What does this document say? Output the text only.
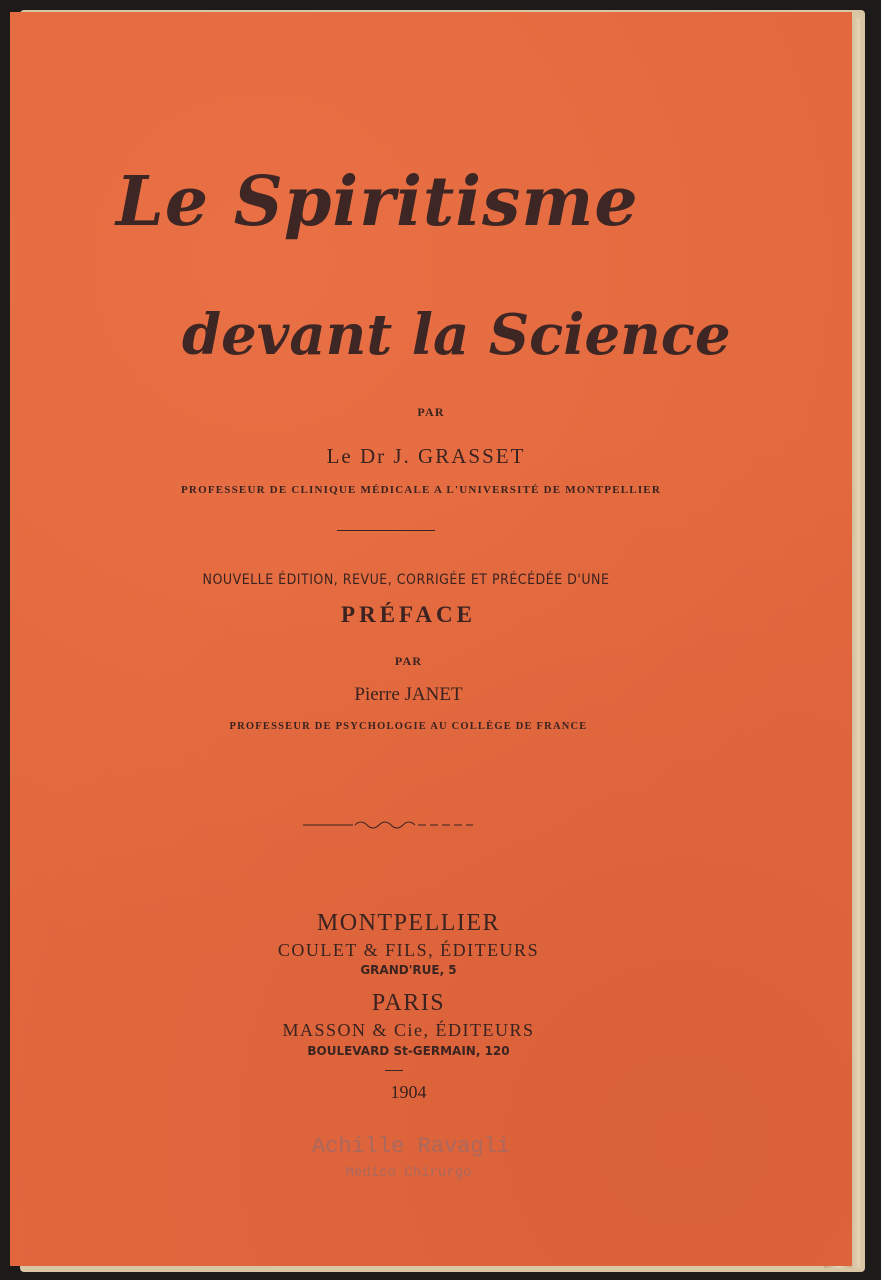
Le Spiritisme
devant la Science
PAR
Le Dr J. GRASSET
PROFESSEUR DE CLINIQUE MÉDICALE A L'UNIVERSITÉ DE MONTPELLIER
NOUVELLE ÉDITION, REVUE, CORRIGÉE ET PRÉCÉDÉE D'UNE
PRÉFACE
PAR
Pierre JANET
PROFESSEUR DE PSYCHOLOGIE AU COLLÈGE DE FRANCE
MONTPELLIER
COULET & FILS, ÉDITEURS
GRAND'RUE, 5
PARIS
MASSON & Cie, ÉDITEURS
BOULEVARD St-GERMAIN, 120
1904
Achille Ravagli
Medico Chirurgo
